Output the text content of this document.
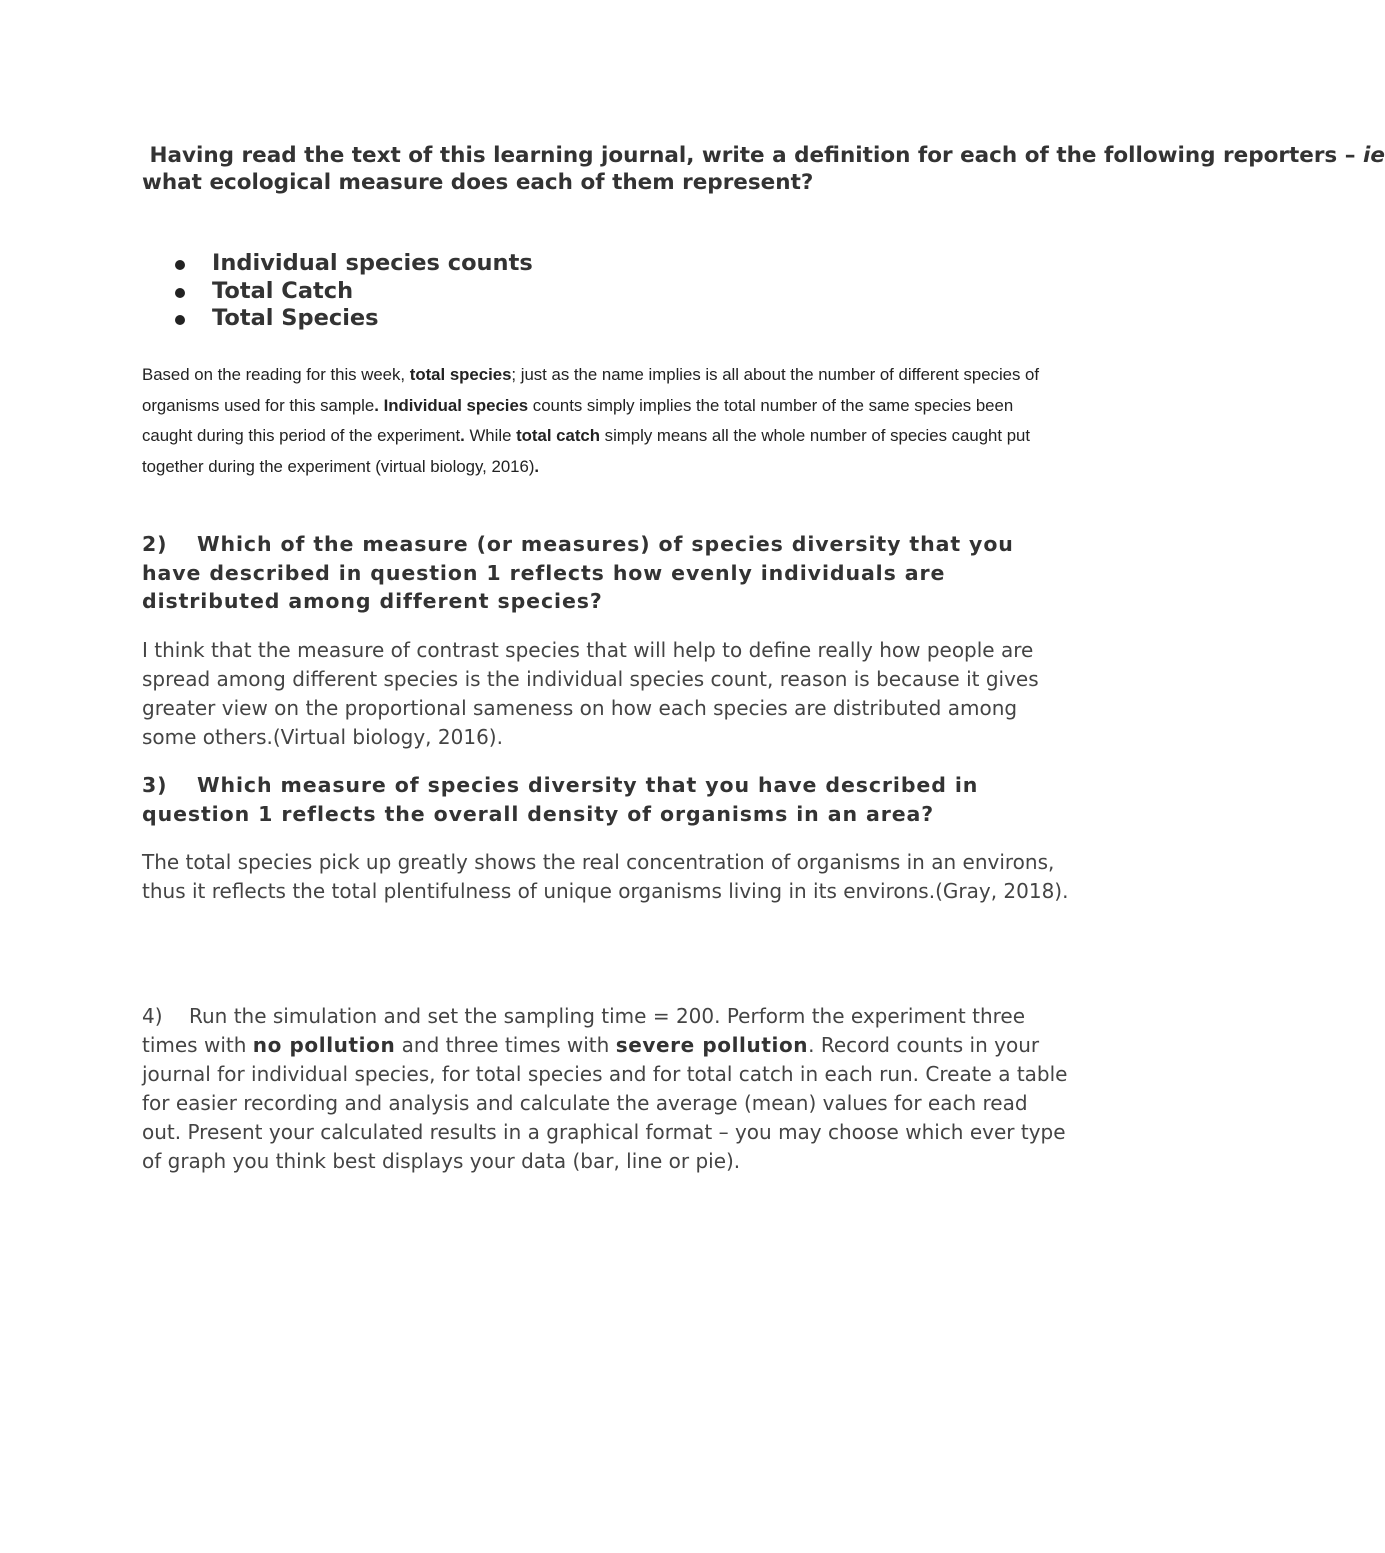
Having read the text of this learning journal, write a definition for each of the following reporters – ie what ecological measure does each of them represent?
Individual species counts
Total Catch
Total Species
Based on the reading for this week, total species; just as the name implies is all about the number of different species of organisms used for this sample. Individual species counts simply implies the total number of the same species been caught during this period of the experiment. While total catch simply means all the whole number of species caught put together during the experiment (virtual biology, 2016).
2) Which of the measure (or measures) of species diversity that you have described in question 1 reflects how evenly individuals are distributed among different species?
I think that the measure of contrast species that will help to define really how people are spread among different species is the individual species count, reason is because it gives greater view on the proportional sameness on how each species are distributed among some others.(Virtual biology, 2016).
3) Which measure of species diversity that you have described in question 1 reflects the overall density of organisms in an area?
The total species pick up greatly shows the real concentration of organisms in an environs, thus it reflects the total plentifulness of unique organisms living in its environs.(Gray, 2018).
4) Run the simulation and set the sampling time = 200. Perform the experiment three times with no pollution and three times with severe pollution. Record counts in your journal for individual species, for total species and for total catch in each run. Create a table for easier recording and analysis and calculate the average (mean) values for each read out. Present your calculated results in a graphical format – you may choose which ever type of graph you think best displays your data (bar, line or pie).
